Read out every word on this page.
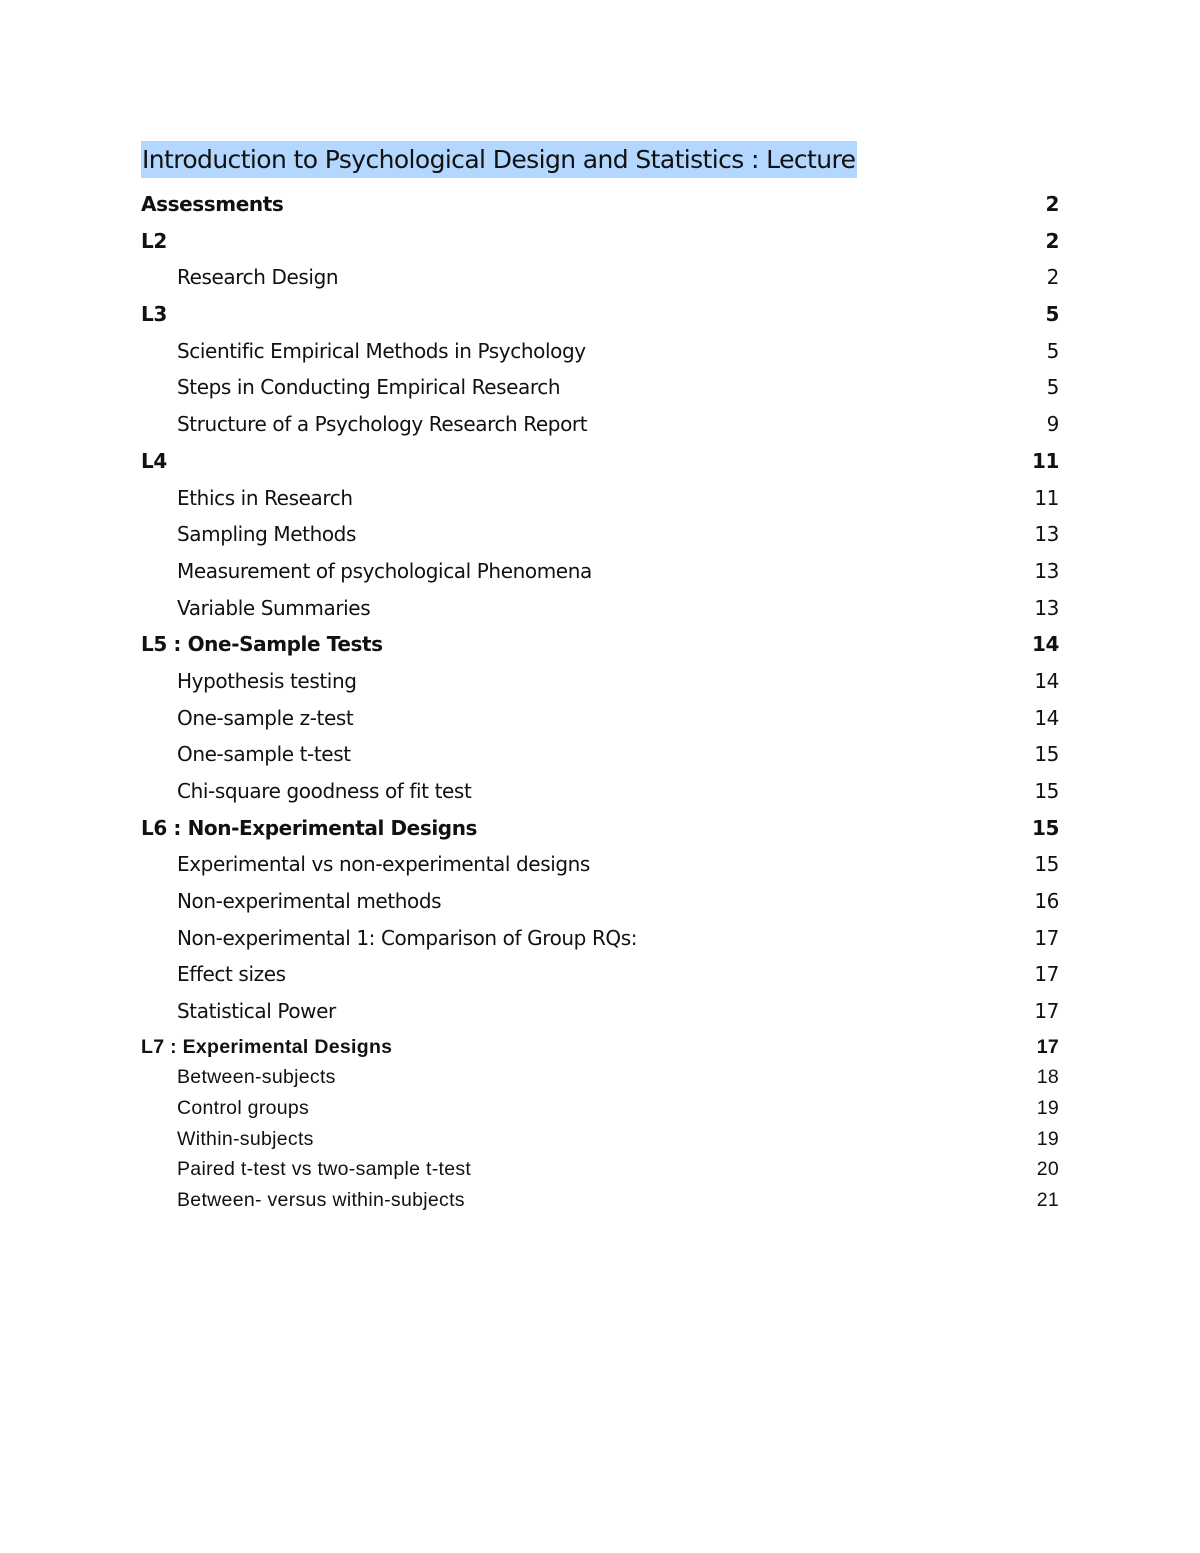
Introduction to Psychological Design and Statistics : Lecture
Assessments	2
L2	2
Research Design	2
L3	5
Scientific Empirical Methods in Psychology	5
Steps in Conducting Empirical Research	5
Structure of a Psychology Research Report	9
L4	11
Ethics in Research	11
Sampling Methods	13
Measurement of psychological Phenomena	13
Variable Summaries	13
L5 : One-Sample Tests	14
Hypothesis testing	14
One-sample z-test	14
One-sample t-test	15
Chi-square goodness of fit test	15
L6 : Non-Experimental Designs	15
Experimental vs non-experimental designs	15
Non-experimental methods	16
Non-experimental 1: Comparison of Group RQs:	17
Effect sizes	17
Statistical Power	17
L7 : Experimental Designs	17
Between-subjects	18
Control groups	19
Within-subjects	19
Paired t-test vs two-sample t-test	20
Between- versus within-subjects	21
